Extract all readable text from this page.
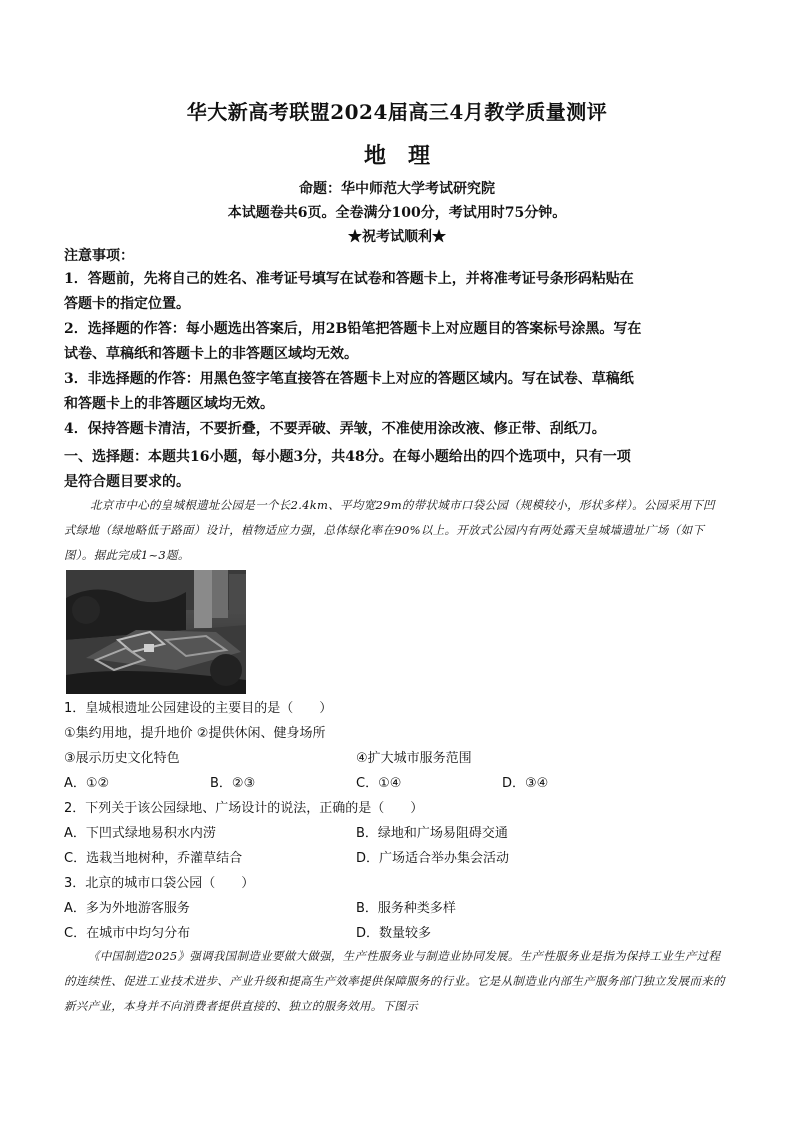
华大新高考联盟2024届高三4月教学质量测评
地理
命题：华中师范大学考试研究院
本试题卷共6页。全卷满分100分，考试用时75分钟。
★祝考试顺利★
注意事项：
1．答题前，先将自己的姓名、准考证号填写在试卷和答题卡上，并将准考证号条形码粘贴在
答题卡的指定位置。
2．选择题的作答：每小题选出答案后，用2B铅笔把答题卡上对应题目的答案标号涂黑。写在
试卷、草稿纸和答题卡上的非答题区域均无效。
3．非选择题的作答：用黑色签字笔直接答在答题卡上对应的答题区域内。写在试卷、草稿纸
和答题卡上的非答题区域均无效。
4．保持答题卡清洁，不要折叠，不要弄破、弄皱，不准使用涂改液、修正带、刮纸刀。
一、选择题：本题共16小题，每小题3分，共48分。在每小题给出的四个选项中，只有一项
是符合题目要求的。
北京市中心的皇城根遗址公园是一个长2.4km、平均宽29m的带状城市口袋公园（规模较小，形状多样）。公园采用下凹式绿地（绿地略低于路面）设计，植物适应力强，总体绿化率在90%以上。开放式公园内有两处露天皇城墙遗址广场（如下图）。据此完成1~3题。
1．皇城根遗址公园建设的主要目的是（　　）
①集约用地，提升地价 ②提供休闲、健身场所
③展示历史文化特色	④扩大城市服务范围
A．①②	B．②③	C．①④	D．③④
2．下列关于该公园绿地、广场设计的说法，正确的是（　　）
A．下凹式绿地易积水内涝	B．绿地和广场易阻碍交通
C．选栽当地树种，乔灌草结合	D．广场适合举办集会活动
3．北京的城市口袋公园（　　）
A．多为外地游客服务	B．服务种类多样
C．在城市中均匀分布	D．数量较多
《中国制造2025》强调我国制造业要做大做强，生产性服务业与制造业协同发展。生产性服务业是指为保持工业生产过程的连续性、促进工业技术进步、产业升级和提高生产效率提供保障服务的行业。它是从制造业内部生产服务部门独立发展而来的新兴产业，本身并不向消费者提供直接的、独立的服务效用。下图示
